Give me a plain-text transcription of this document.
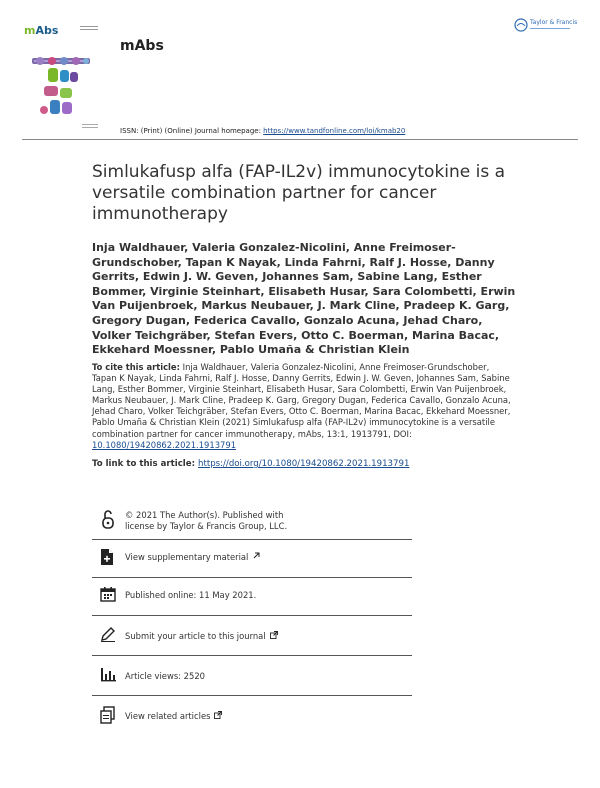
mAbs
mAbs
Taylor & Francis
ISSN: (Print) (Online) Journal homepage: https://www.tandfonline.com/loi/kmab20
Simlukafusp alfa (FAP-IL2v) immunocytokine is a versatile combination partner for cancer immunotherapy
Inja Waldhauer, Valeria Gonzalez-Nicolini, Anne Freimoser-Grundschober, Tapan K Nayak, Linda Fahrni, Ralf J. Hosse, Danny Gerrits, Edwin J. W. Geven, Johannes Sam, Sabine Lang, Esther Bommer, Virginie Steinhart, Elisabeth Husar, Sara Colombetti, Erwin Van Puijenbroek, Markus Neubauer, J. Mark Cline, Pradeep K. Garg, Gregory Dugan, Federica Cavallo, Gonzalo Acuna, Jehad Charo, Volker Teichgräber, Stefan Evers, Otto C. Boerman, Marina Bacac, Ekkehard Moessner, Pablo Umaña & Christian Klein
To cite this article: Inja Waldhauer, Valeria Gonzalez-Nicolini, Anne Freimoser-Grundschober, Tapan K Nayak, Linda Fahrni, Ralf J. Hosse, Danny Gerrits, Edwin J. W. Geven, Johannes Sam, Sabine Lang, Esther Bommer, Virginie Steinhart, Elisabeth Husar, Sara Colombetti, Erwin Van Puijenbroek, Markus Neubauer, J. Mark Cline, Pradeep K. Garg, Gregory Dugan, Federica Cavallo, Gonzalo Acuna, Jehad Charo, Volker Teichgräber, Stefan Evers, Otto C. Boerman, Marina Bacac, Ekkehard Moessner, Pablo Umaña & Christian Klein (2021) Simlukafusp alfa (FAP-IL2v) immunocytokine is a versatile combination partner for cancer immunotherapy, mAbs, 13:1, 1913791, DOI: 10.1080/19420862.2021.1913791
To link to this article: https://doi.org/10.1080/19420862.2021.1913791
© 2021 The Author(s). Published with
license by Taylor & Francis Group, LLC.
View supplementary material
Published online: 11 May 2021.
Submit your article to this journal
Article views: 2520
View related articles
